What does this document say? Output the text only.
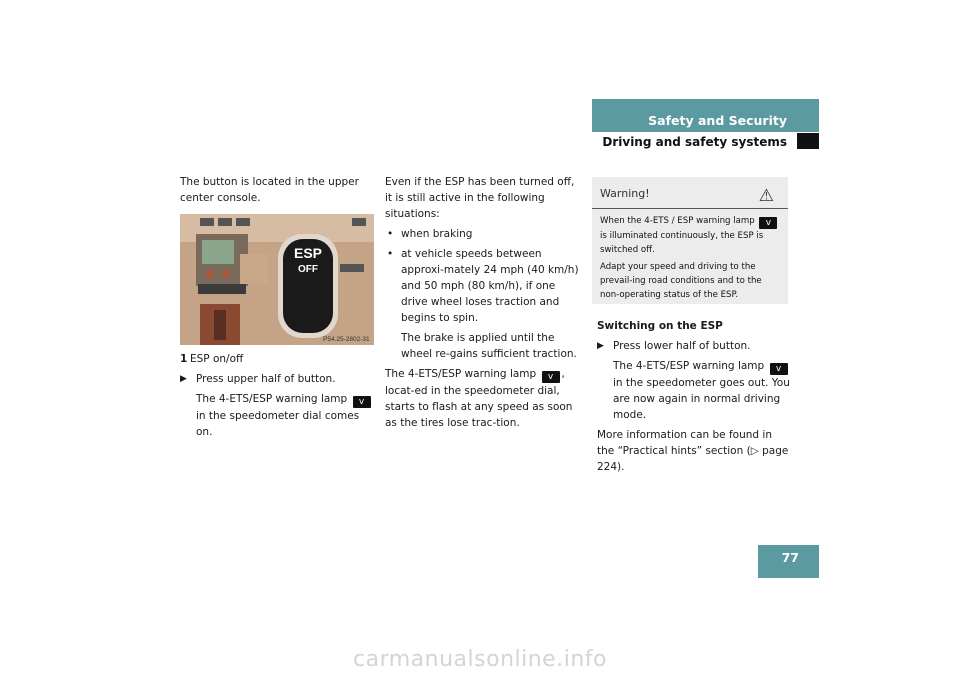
Safety and Security
Driving and safety systems

The button is located in the upper center console.

ESP
OFF
P54.25-2802-31
1 ESP on/off
▶ Press upper half of button.
The 4-ETS/ESP warning lamp v in the speedometer dial comes on.

Even if the ESP has been turned off, it is still active in the following situations:

• when braking
• at vehicle speeds between approxi-mately 24 mph (40 km/h) and 50 mph (80 km/h), if one drive wheel loses traction and begins to spin.
The brake is applied until the wheel re-gains sufficient traction.

The 4-ETS/ESP warning lamp v , locat-ed in the speedometer dial, starts to flash at any speed as soon as the tires lose trac-tion.

Warning!	⚠

When the 4-ETS / ESP warning lamp v is illuminated continuously, the ESP is switched off.

Adapt your speed and driving to the prevail-ing road conditions and to the non-operating status of the ESP.

Switching on the ESP

▶ Press lower half of button.
The 4-ETS/ESP warning lamp v in the speedometer goes out. You are now again in normal driving mode.

More information can be found in the “Practical hints” section (▷ page 224).

77
carmanualsonline.info
